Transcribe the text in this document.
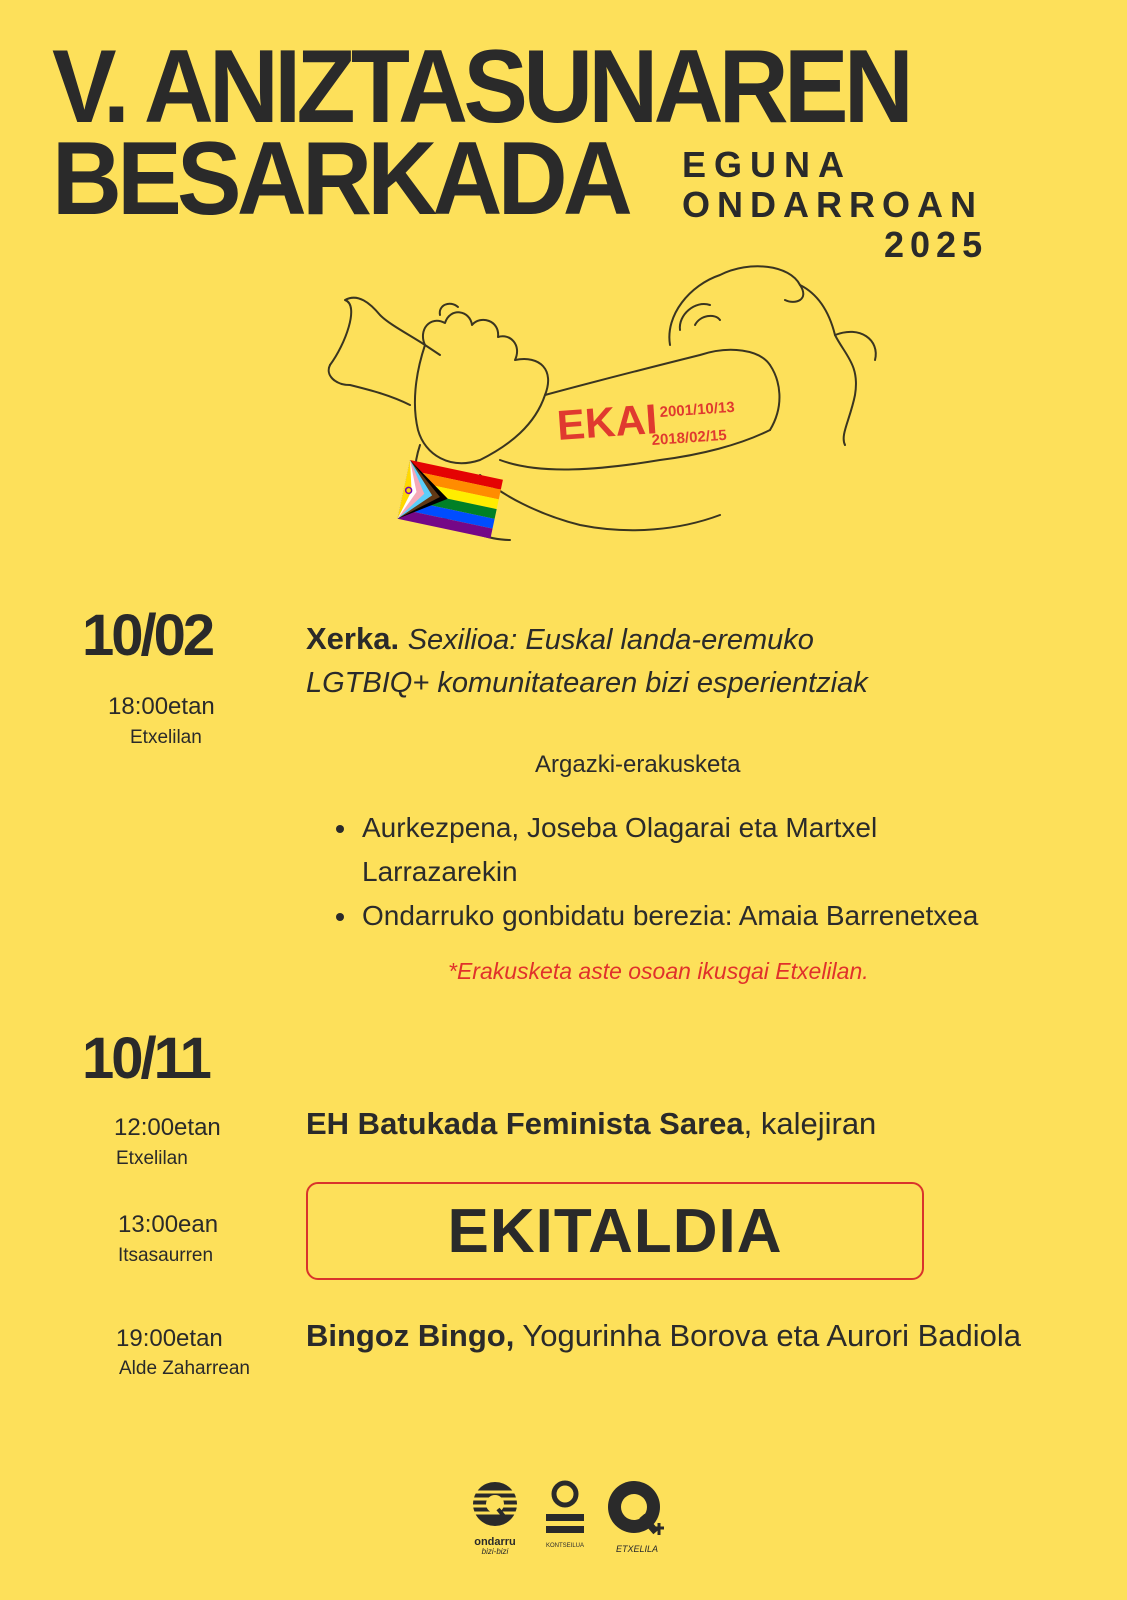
V. ANIZTASUNAREN
BESARKADA EGUNA
ONDARROAN
2025
EKAI 2001/10/13
2018/02/15
10/02
18:00etan
Etxelilan
Xerka. Sexilioa: Euskal landa-eremuko
LGTBIQ+ komunitatearen bizi esperientziak
Argazki-erakusketa
Aurkezpena, Joseba Olagarai eta Martxel Larrazarekin
Ondarruko gonbidatu berezia: Amaia Barrenetxea
*Erakusketa aste osoan ikusgai Etxelilan.
10/11
12:00etan
Etxelilan
EH Batukada Feminista Sarea, kalejiran
13:00ean
Itsasaurren	EKITALDIA
19:00etan
Alde Zaharrean
Bingoz Bingo, Yogurinha Borova eta Aurori Badiola
ondarru
bizi-bizi
KONTSEILUA	ETXELILA
